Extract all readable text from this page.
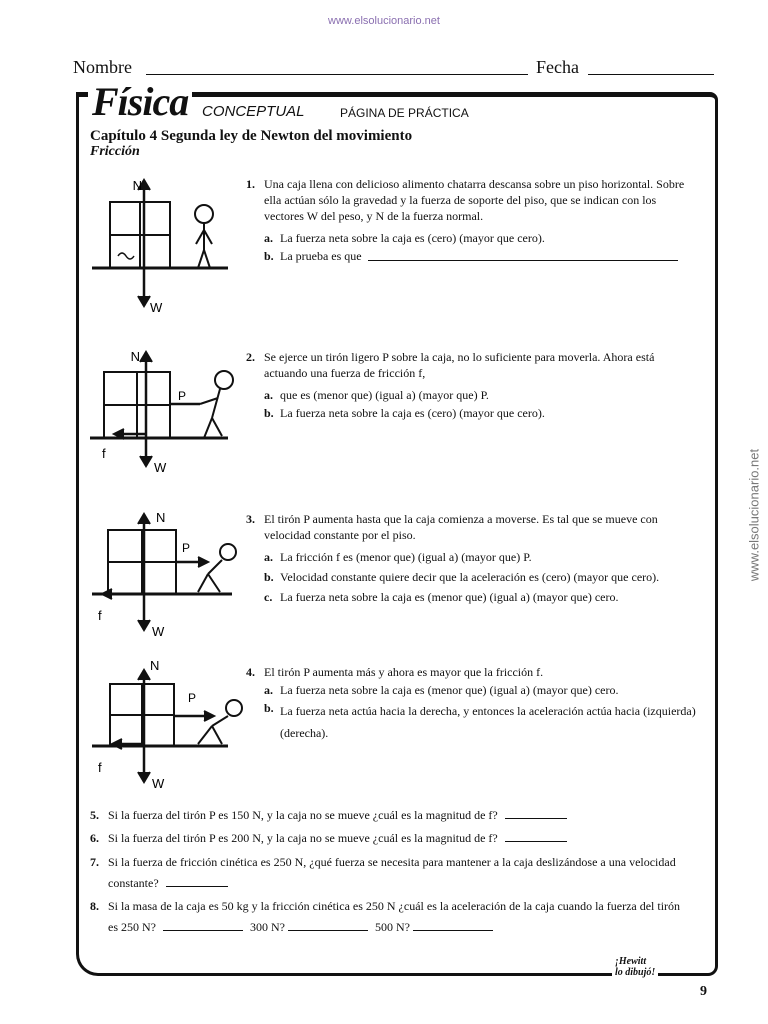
www.elsolucionario.net
www.elsolucionario.net
Nombre	Fecha
Física CONCEPTUAL	PÁGINA DE PRÁCTICA
Capítulo 4 Segunda ley de Newton del movimiento
Fricción
N
W
N
P
f
W
N
P
f
W
N
P
f
W
1. Una caja llena con delicioso alimento chatarra descansa sobre un piso horizontal. Sobre ella actúan sólo la gravedad y la fuerza de soporte del piso, que se indican con los vectores W del peso, y N de la fuerza normal.
a. La fuerza neta sobre la caja es (cero) (mayor que cero).
b. La prueba es que
2. Se ejerce un tirón ligero P sobre la caja, no lo suficiente para moverla. Ahora está actuando una fuerza de fricción f,
a. que es (menor que) (igual a) (mayor que) P.
b. La fuerza neta sobre la caja es (cero) (mayor que cero).
3. El tirón P aumenta hasta que la caja comienza a moverse. Es tal que se mueve con velocidad constante por el piso.
a. La fricción f es (menor que) (igual a) (mayor que) P.
b. Velocidad constante quiere decir que la aceleración es (cero) (mayor que cero).
c. La fuerza neta sobre la caja es (menor que) (igual a) (mayor que) cero.
4. El tirón P aumenta más y ahora es mayor que la fricción f.
a. La fuerza neta sobre la caja es (menor que) (igual a) (mayor que) cero.
b. La fuerza neta actúa hacia la derecha, y entonces la aceleración actúa hacia (izquierda) (derecha).
5. Si la fuerza del tirón P es 150 N, y la caja no se mueve ¿cuál es la magnitud de f?
6. Si la fuerza del tirón P es 200 N, y la caja no se mueve ¿cuál es la magnitud de f?
7. Si la fuerza de fricción cinética es 250 N, ¿qué fuerza se necesita para mantener a la caja deslizándose a una velocidad constante?
8. Si la masa de la caja es 50 kg y la fricción cinética es 250 N ¿cuál es la aceleración de la caja cuando la fuerza del tirón es 250 N?	300 N?	500 N?
¡Hewitt
lo dibujó!
9
